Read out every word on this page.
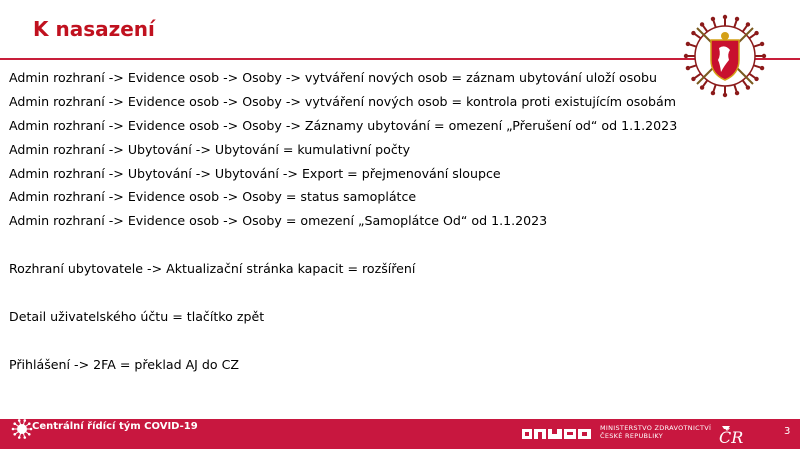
K nasazení
Admin rozhraní -> Evidence osob -> Osoby -> vytváření nových osob = záznam ubytování uloží osobu
Admin rozhraní -> Evidence osob -> Osoby -> vytváření nových osob = kontrola proti existujícím osobám
Admin rozhraní -> Evidence osob -> Osoby -> Záznamy ubytování = omezení „Přerušení od“ od 1.1.2023
Admin rozhraní -> Ubytování -> Ubytování = kumulativní počty
Admin rozhraní -> Ubytování -> Ubytování -> Export = přejmenování sloupce
Admin rozhraní -> Evidence osob -> Osoby = status samoplátce
Admin rozhraní -> Evidence osob -> Osoby = omezení „Samoplátce Od“ od 1.1.2023
Rozhraní ubytovatele -> Aktualizační stránka kapacit = rozšíření
Detail uživatelského účtu = tlačítko zpět
Přihlášení -> 2FA = překlad AJ do CZ
Centrální řídící tým COVID-19	MINISTERSTVO ZDRAVOTNICTVÍ
ČESKÉ REPUBLIKY	ČR	3
